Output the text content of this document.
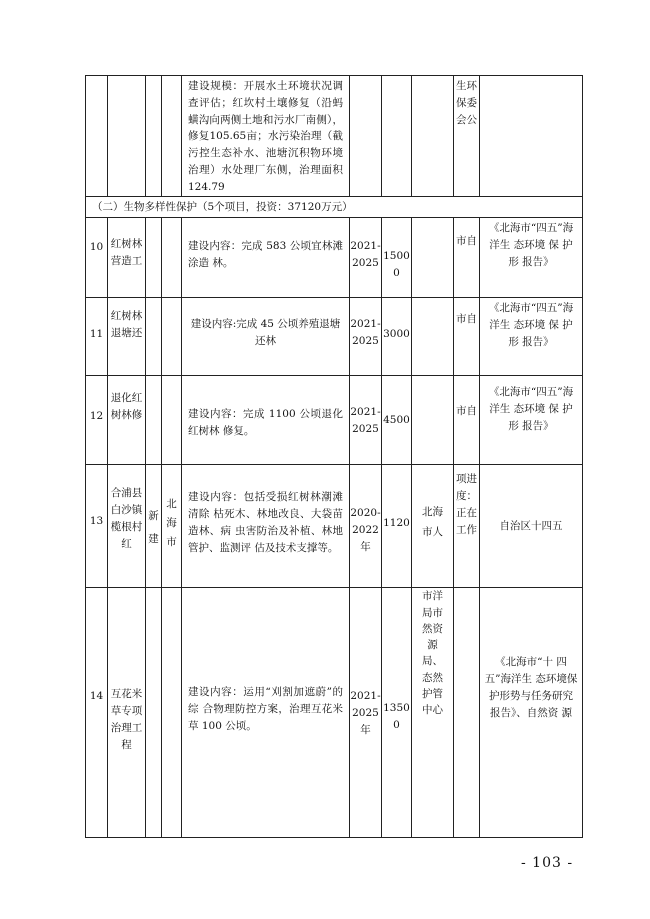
				建设规模：开展水土环境状况调查评估；红坎村土壤修复（沿蚂蟥沟向两侧土地和污水厂南侧），修复105.65亩；水污染治理（截污控生态补水、池塘沉积物环境治理）水处理厂东侧，治理面积124.79				生环保委会公	

（二）生物多样性保护（5个项目，投资：37120万元）									

10	红树林营造工			建设内容：完成 583 公顷宜林滩涂造 林。	2021-2025	15000		市自	《北海市“四五”海洋生 态环境 保 护 形 报告》

11	红树林退塘还			建设内容:完成 45 公顷养殖退塘还林	2021-2025	3000		市自	《北海市“四五”海洋生 态环境 保 护 形 报告》

12	退化红树林修			建设内容：完成 1100 公顷退化红树林 修复。	2021-2025	4500		市自	《北海市“四五”海洋生 态环境 保 护 形 报告》

13	合浦县白沙镇榄根村红	新建	北海市	建设内容：包括受损红树林潮滩清除 枯死木、林地改良、大袋苗造林、病 虫害防治及补植、林地管护、监测评 估及技术支撑等。	2020-2022年	1120	北海市人	项进度：正在工作	自治区十四五

14	互花米草专项治理工程			建设内容：运用“刈割加遮蔚”的综 合物理防控方案，治理互花米草 100 公顷。	2021-2025年	13500	市洋局市然资源局、态然护管中心		《北海市“十 四五”海洋生 态环境保护形势与任务研究 报告》、自然资 源
- 103 -
